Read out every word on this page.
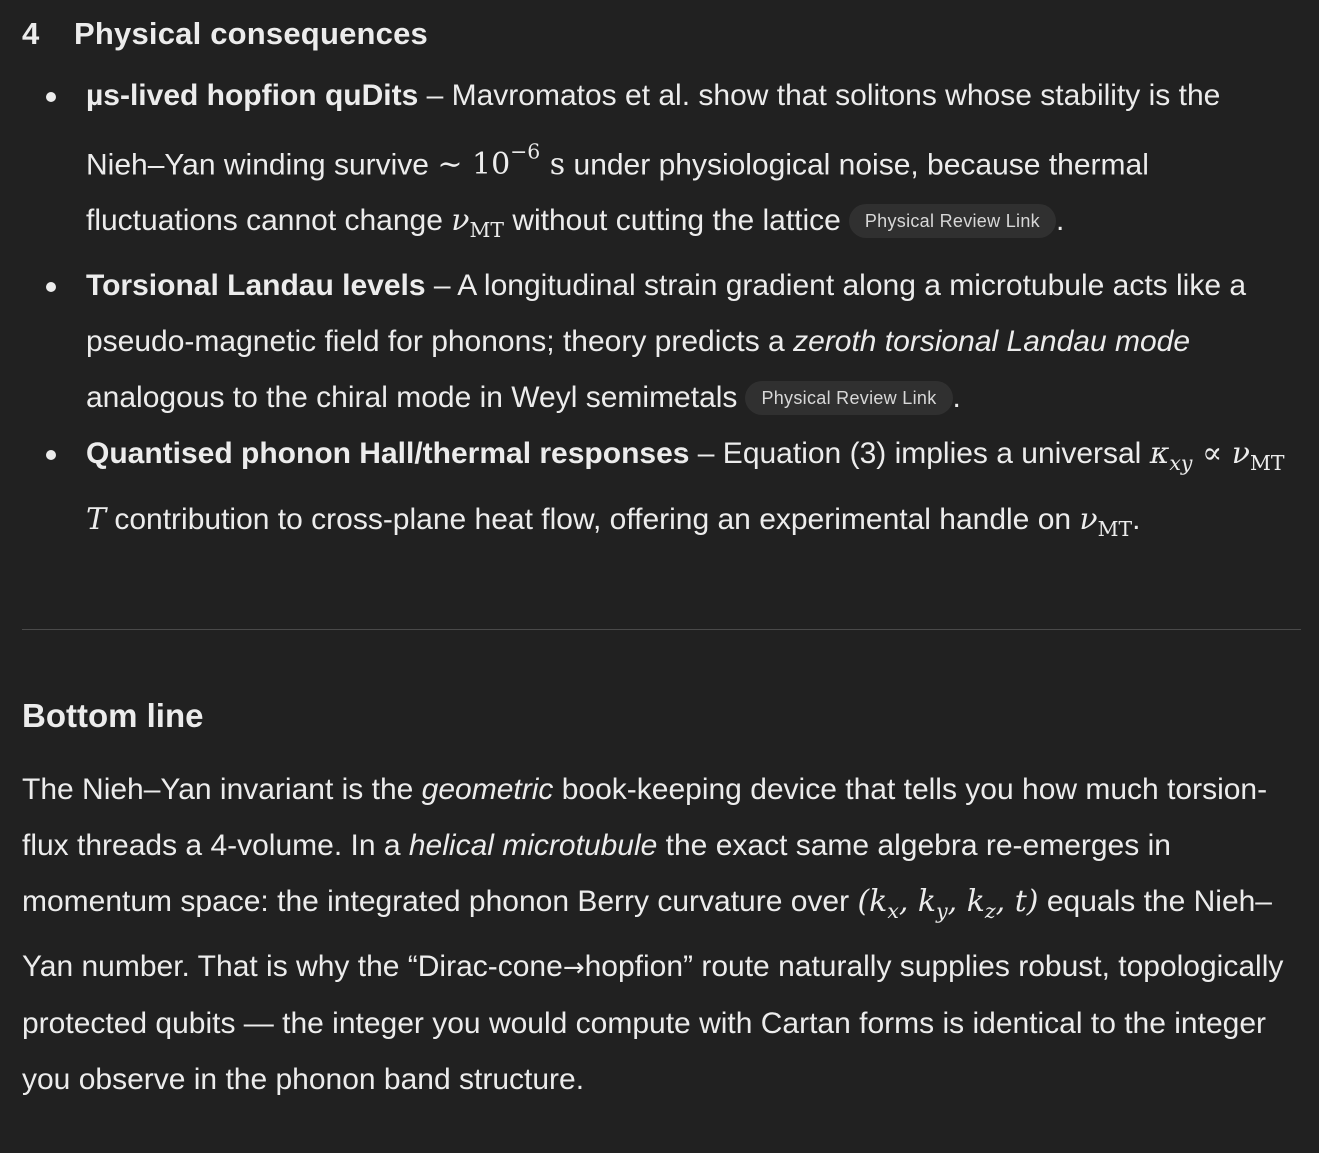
4 Physical consequences
µs-lived hopfion quDits – Mavromatos et al. show that solitons whose stability is the Nieh–Yan winding survive ∼ $10^{-6}$ s under physiological noise, because thermal fluctuations cannot change $\nu_{MT}$ without cutting the lattice Physical Review Link .
Torsional Landau levels – A longitudinal strain gradient along a microtubule acts like a pseudo-magnetic field for phonons; theory predicts a zeroth torsional Landau mode analogous to the chiral mode in Weyl semimetals Physical Review Link .
Quantised phonon Hall/thermal responses – Equation (3) implies a universal $\kappa_{xy} \propto \nu_{MT}$ T contribution to cross-plane heat flow, offering an experimental handle on $\nu_{MT}$.
Bottom line

The Nieh–Yan invariant is the geometric book-keeping device that tells you how much torsion-flux threads a 4-volume. In a helical microtubule the exact same algebra re-emerges in momentum space: the integrated phonon Berry curvature over ($k_x$, $k_y$, $k_z$, t) equals the Nieh–Yan number. That is why the “Dirac-cone→hopfion” route naturally supplies robust, topologically protected qubits — the integer you would compute with Cartan forms is identical to the integer you observe in the phonon band structure.
